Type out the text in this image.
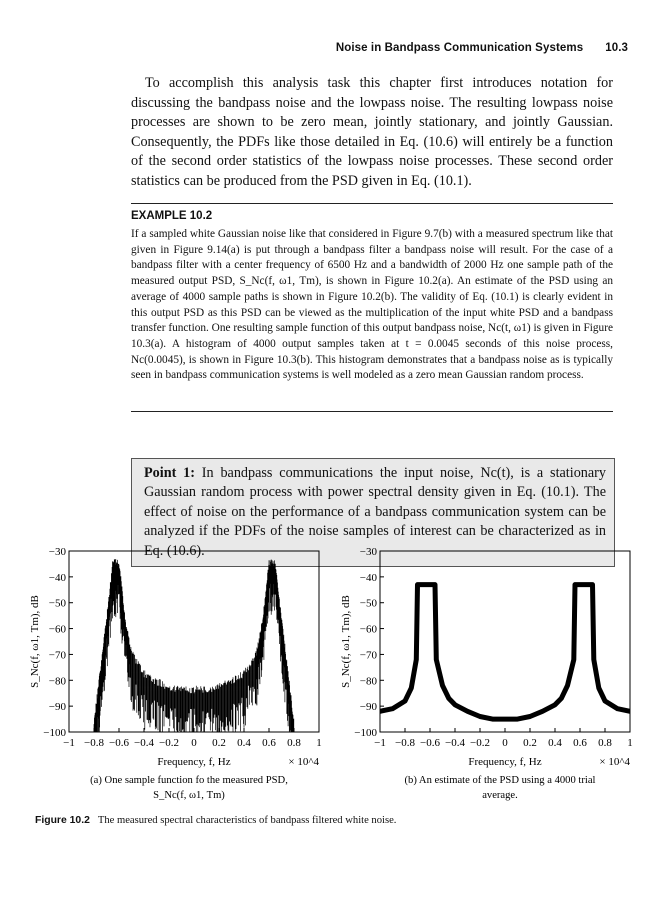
Noise in Bandpass Communication Systems 10.3

To accomplish this analysis task this chapter first introduces notation for discussing the bandpass noise and the lowpass noise. The resulting lowpass noise processes are shown to be zero mean, jointly stationary, and jointly Gaussian. Consequently, the PDFs like those detailed in Eq. (10.6) will entirely be a function of the second order statistics of the lowpass noise processes. These second order statistics can be produced from the PSD given in Eq. (10.1).

EXAMPLE 10.2

If a sampled white Gaussian noise like that considered in Figure 9.7(b) with a measured spectrum like that given in Figure 9.14(a) is put through a bandpass filter a bandpass noise will result. For the case of a bandpass filter with a center frequency of 6500 Hz and a bandwidth of 2000 Hz one sample path of the measured output PSD, S_Nc(f, ω1, Tm), is shown in Figure 10.2(a). An estimate of the PSD using an average of 4000 sample paths is shown in Figure 10.2(b). The validity of Eq. (10.1) is clearly evident in this output PSD as this PSD can be viewed as the multiplication of the input white PSD and a bandpass transfer function. One resulting sample function of this output bandpass noise, Nc(t, ω1) is given in Figure 10.3(a). A histogram of 4000 output samples taken at t = 0.0045 seconds of this noise process, Nc(0.0045), is shown in Figure 10.3(b). This histogram demonstrates that a bandpass noise as is typically seen in bandpass communication systems is well modeled as a zero mean Gaussian random process.

Point 1: In bandpass communications the input noise, Nc(t), is a stationary Gaussian random process with power spectral density given in Eq. (10.1). The effect of noise on the performance of a bandpass communication system can be analyzed if the PDFs of the noise samples of interest can be characterized as in Eq. (10.6).

−30
−40
−50
−60
−70
−80
−90
−100
−1 −0.8 −0.6 −0.4 −0.2 0 0.2 0.4 0.6 0.8 1
Frequency, f, Hz	× 10^4
S_Nc(f, ω1, Tm), dB
(a) One sample function fo the measured PSD,
S_Nc(f, ω1, Tm)
−30
−40
−50
−60
−70
−80
−90
−100
−1 −0.8 −0.6 −0.4 −0.2 0 0.2 0.4 0.6 0.8 1
Frequency, f, Hz	× 10^4
S_Nc(f, ω1, Tm), dB
(b) An estimate of the PSD using a 4000 trial
average.
Figure 10.2 The measured spectral characteristics of bandpass filtered white noise.
